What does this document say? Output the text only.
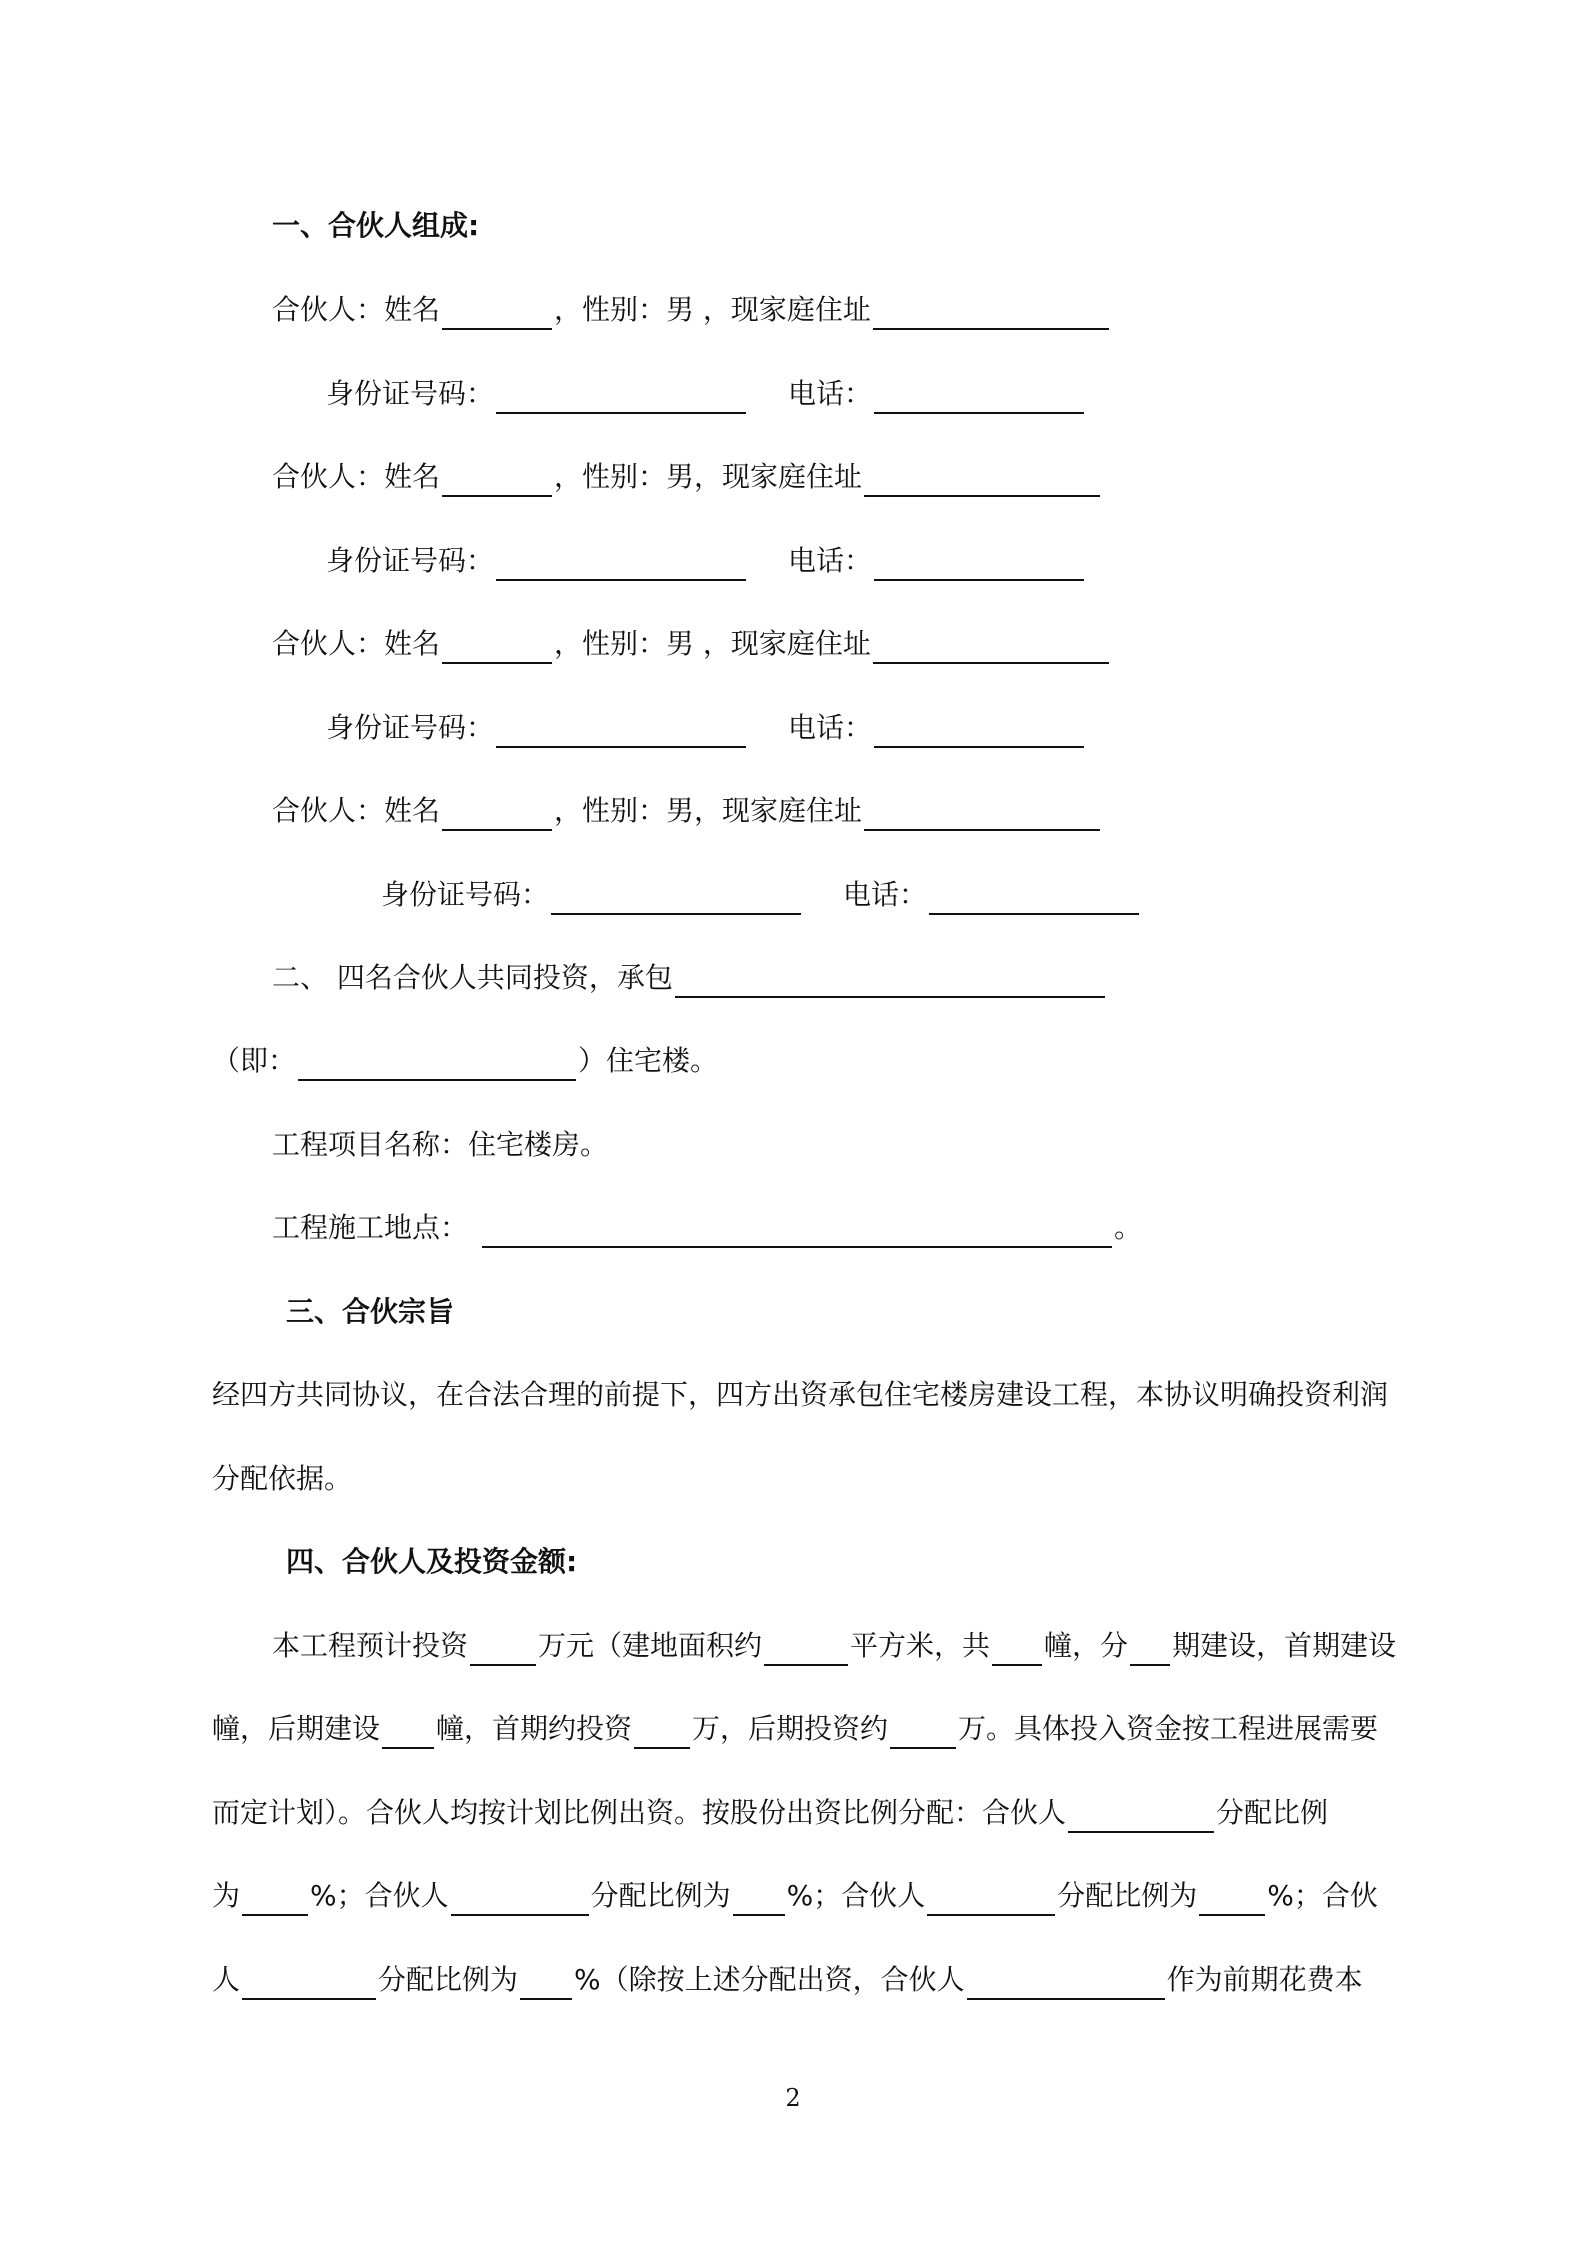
一、合伙人组成:
合伙人：姓名	，性别：男 ，现家庭住址
身份证号码：	电话：
合伙人：姓名	，性别：男，现家庭住址
身份证号码：	电话：
合伙人：姓名	，性别：男 ，现家庭住址
身份证号码：	电话：
合伙人：姓名	，性别：男，现家庭住址
身份证号码：	电话：
二、 四名合伙人共同投资，承包
（即：	）住宅楼。
工程项目名称：住宅楼房。
工程施工地点：	。
三、合伙宗旨
经四方共同协议，在合法合理的前提下，四方出资承包住宅楼房建设工程，本协议明确投资利润
分配依据。
四、合伙人及投资金额:
本工程预计投资	万元（建地面积约	平方米，共 幢，分 期建设，首期建设
幢，后期建设 幢，首期约投资 万，后期投资约	万。具体投入资金按工程进展需要
而定计划）。合伙人均按计划比例出资。按股份出资比例分配：合伙人	分配比例
为	%；合伙人	分配比例为 %；合伙人	分配比例为	%；合伙
人	分配比例为 %（除按上述分配出资，合伙人	作为前期花费本
2
